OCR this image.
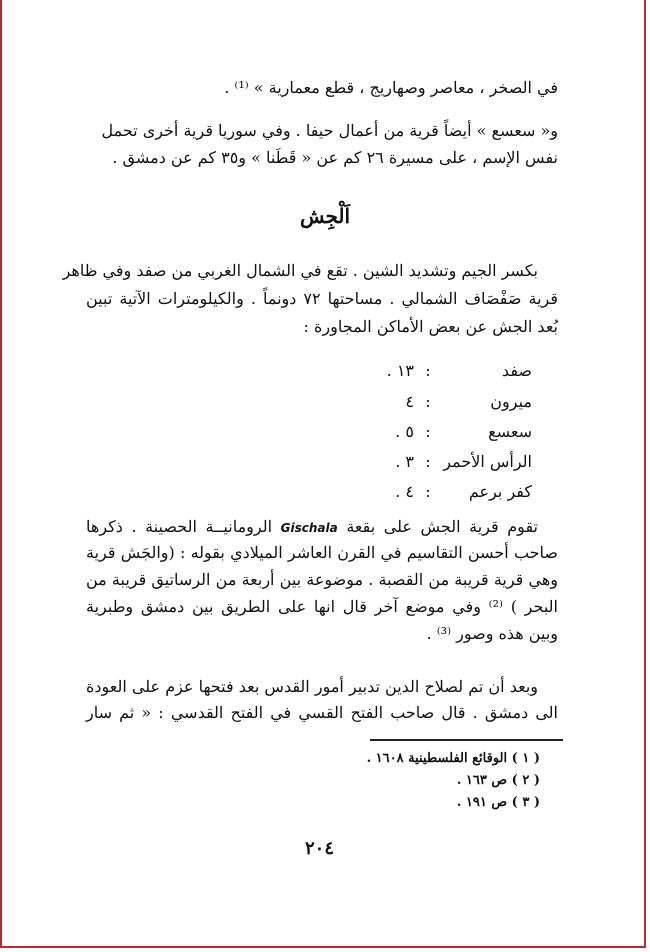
في الصخر ، معاصر وصهاريج ، قطع معمارية » ⁽¹⁾ .
و« سعسع » أيضاً قرية من أعمال حيفا . وفي سوريا قرية أخرى تحمل
نفس الإسم ، على مسيرة ٢٦ كم عن « قَطَنا » و٣٥ كم عن دمشق .
اَلْجِش
بكسر الجيم وتشديد الشين . تقع في الشمال الغربي من صفد وفي ظاهر
قرية صَفْصَاف الشمالي . مساحتها ٧٢ دونماً . والكيلومترات الآتية تبين
بُعد الجش عن بعض الأماكن المجاورة :
صفد
:
١٣ .
ميرون
:
٤
سعسع
:
٥ .
الرأس الأحمر
:
٣ .
كفر برعم
:
٤ .
تقوم قرية الجش على بقعة Gischala الرومانيــة الحصينة . ذكرها
صاحب أحسن التقاسيم في القرن العاشر الميلادي بقوله : (والجَش قرية
وهي قرية قريبة من القصبة . موضوعة بين أربعة من الرساتيق قريبة من
البحر ) ⁽²⁾ وفي موضع آخر قال انها على الطريق بين دمشق وطبرية
وبين هذه وصور ⁽³⁾ .
وبعد أن تم لصلاح الدين تدبير أمور القدس بعد فتحها عزم على العودة
الى دمشق . قال صاحب الفتح القسي في الفتح القدسي : « ثم سار
( ١ ) الوقائع الفلسطينية ١٦٠٨ .
( ٢ ) ص ١٦٣ .
( ٣ ) ص ١٩١ .
٢٠٤
